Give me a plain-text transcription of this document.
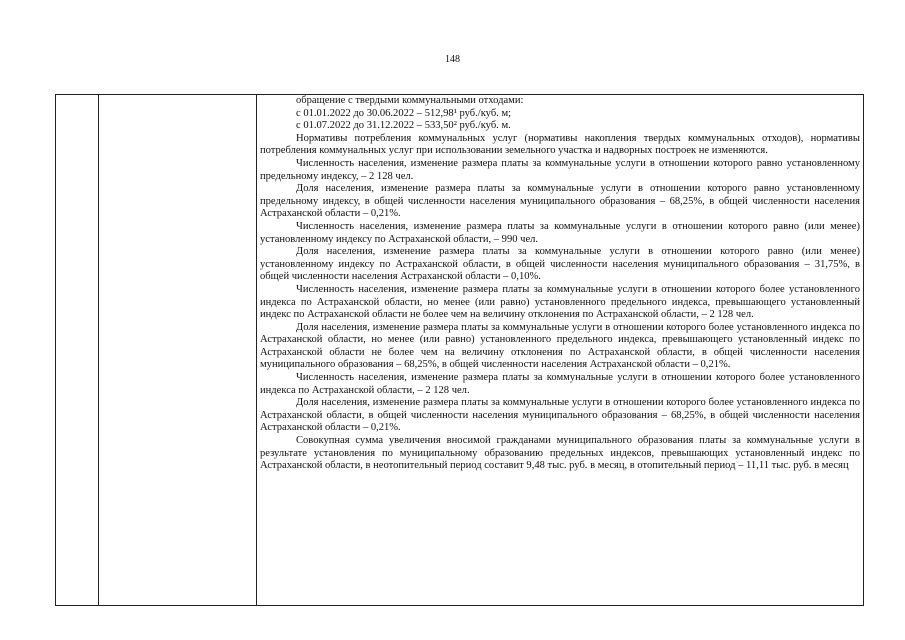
148

обращение с твердыми коммунальными отходами:

с 01.01.2022 до 30.06.2022 – 512,98¹ руб./куб. м;

с 01.07.2022 до 31.12.2022 – 533,50² руб./куб. м.

Нормативы потребления коммунальных услуг (нормативы накопления твердых коммунальных отходов), нормативы потребления коммунальных услуг при использовании земельного участка и надворных построек не изменяются.

Численность населения, изменение размера платы за коммунальные услуги в отношении которого равно установленному предельному индексу, – 2 128 чел.

Доля населения, изменение размера платы за коммунальные услуги в отношении которого равно установленному предельному индексу, в общей численности населения муниципального образования – 68,25%, в общей численности населения Астраханской области – 0,21%.

Численность населения, изменение размера платы за коммунальные услуги в отношении которого равно (или менее) установленному индексу по Астраханской области, – 990 чел.

Доля населения, изменение размера платы за коммунальные услуги в отношении которого равно (или менее) установленному индексу по Астраханской области, в общей численности населения муниципального образования – 31,75%, в общей численности населения Астраханской области – 0,10%.

Численность населения, изменение размера платы за коммунальные услуги в отношении которого более установленного индекса по Астраханской области, но менее (или равно) установленного предельного индекса, превышающего установленный индекс по Астраханской области не более чем на величину отклонения по Астраханской области, – 2 128 чел.

Доля населения, изменение размера платы за коммунальные услуги в отношении которого более установленного индекса по Астраханской области, но менее (или равно) установленного предельного индекса, превышающего установленный индекс по Астраханской области не более чем на величину отклонения по Астраханской области, в общей численности населения муниципального образования – 68,25%, в общей численности населения Астраханской области – 0,21%.

Численность населения, изменение размера платы за коммунальные услуги в отношении которого более установленного индекса по Астраханской области, – 2 128 чел.

Доля населения, изменение размера платы за коммунальные услуги в отношении которого более установленного индекса по Астраханской области, в общей численности населения муниципального образования – 68,25%, в общей численности населения Астраханской области – 0,21%.

Совокупная сумма увеличения вносимой гражданами муниципального образования платы за коммунальные услуги в результате установления по муниципальному образованию предельных индексов, превышающих установленный индекс по Астраханской области, в неотопительный период составит 9,48 тыс. руб. в месяц, в отопительный период – 11,11 тыс. руб. в месяц
